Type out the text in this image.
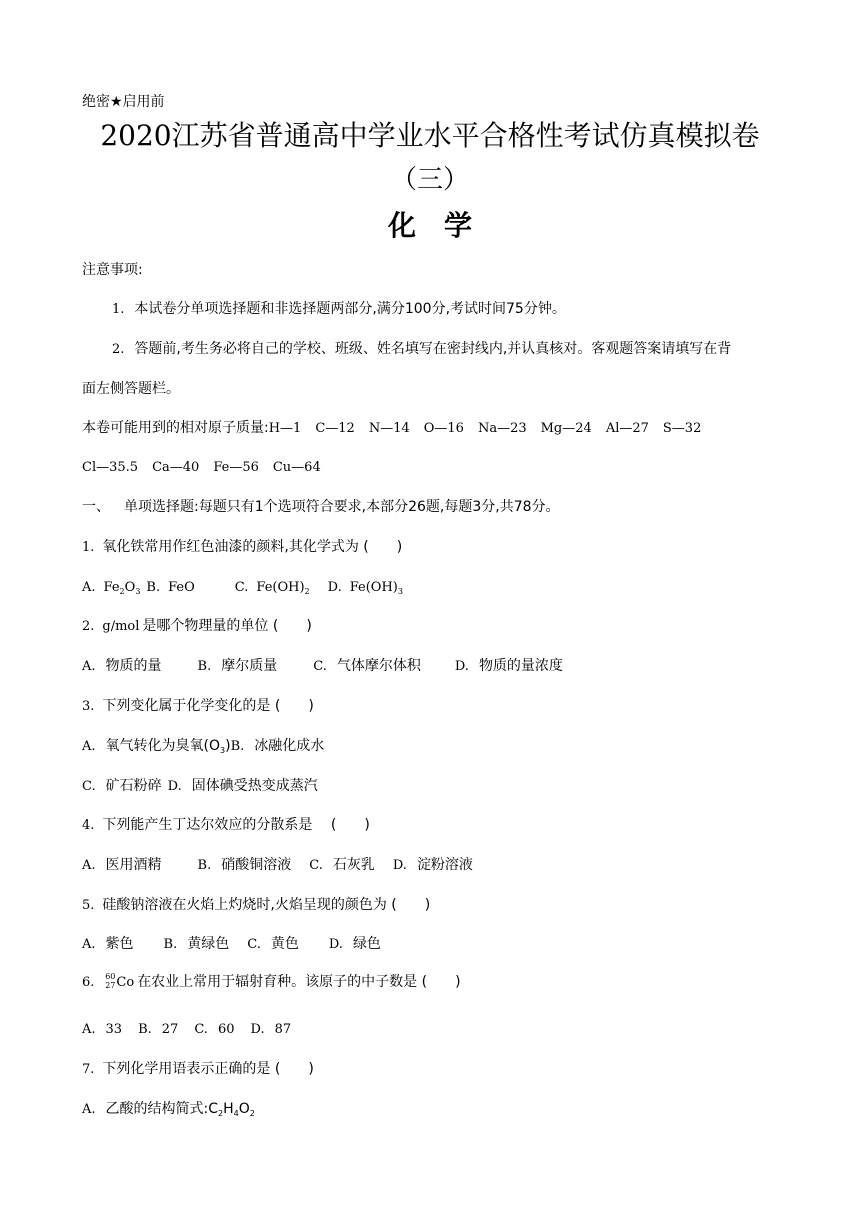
绝密★启用前
2020江苏省普通高中学业水平合格性考试仿真模拟卷
（三）
化　学
注意事项:
1. 本试卷分单项选择题和非选择题两部分,满分100分,考试时间75分钟。
2. 答题前,考生务必将自己的学校、班级、姓名填写在密封线内,并认真核对。客观题答案请填写在背
面左侧答题栏。
本卷可能用到的相对原子质量:H—1 C—12 N—14 O—16 Na—23 Mg—24 Al—27 S—32
Cl—35.5 Ca—40 Fe—56 Cu—64
一、 单项选择题:每题只有1个选项符合要求,本部分26题,每题3分,共78分。
1. 氧化铁常用作红色油漆的颜料,其化学式为 (　　)
A. $Fe_2O_3$ B. FeO	C. $Fe(OH)_2$ D. $Fe(OH)_3$
2. g/mol 是哪个物理量的单位 (　　)
A. 物质的量	B. 摩尔质量	C. 气体摩尔体积	D. 物质的量浓度
3. 下列变化属于化学变化的是 (　　)
A. 氧气转化为臭氧$(O_3)B$. 冰融化成水
C. 矿石粉碎 D. 固体碘受热变成蒸汽
4. 下列能产生丁达尔效应的分散系是　 (　　)
A. 医用酒精	B. 硝酸铜溶液 C. 石灰乳 D. 淀粉溶液
5. 硅酸钠溶液在火焰上灼烧时,火焰呈现的颜色为 (　　)
A. 紫色 B. 黄绿色 C. 黄色 D. 绿色
6. 60
27 Co 在农业上常用于辐射育种。该原子的中子数是 (　　)
A. 33 B. 27 C. 60 D. 87
7. 下列化学用语表示正确的是 (　　)
A. 乙酸的结构简式$:C_2H_4O_2$
